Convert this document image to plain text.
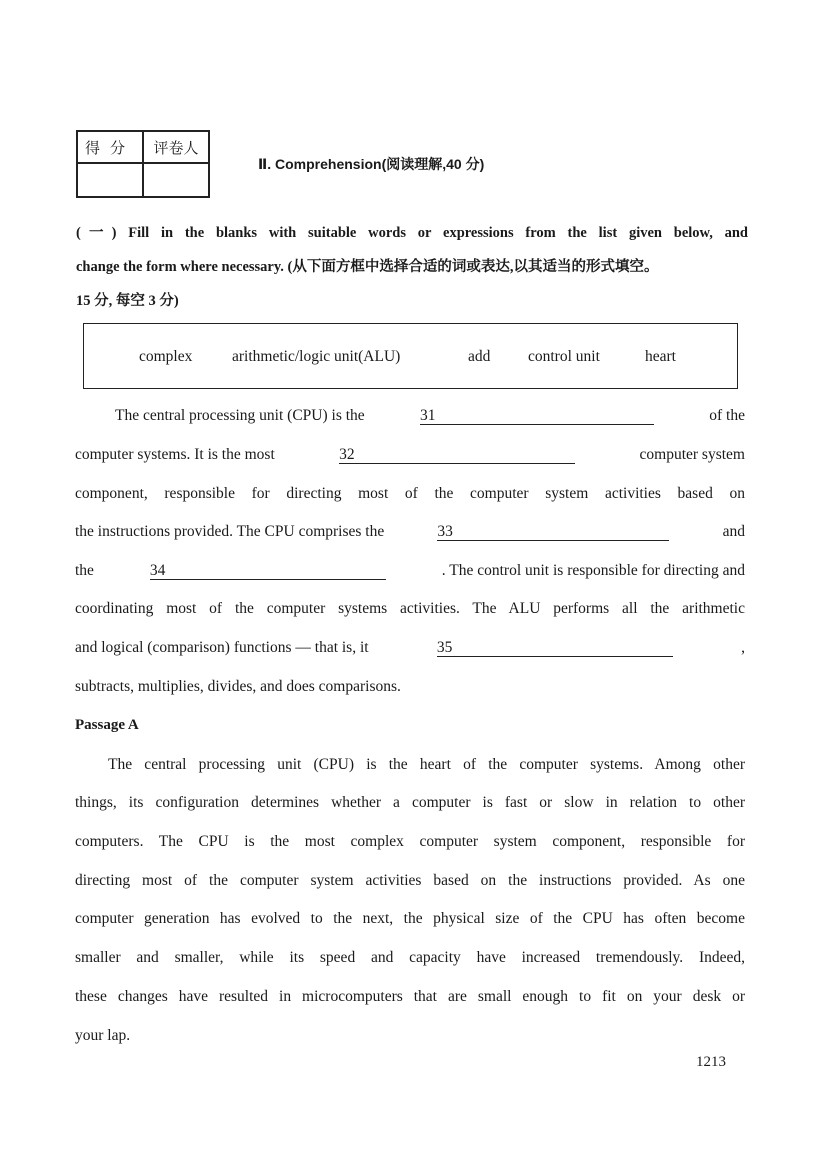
得分	评卷人

Ⅱ. Comprehension(阅读理解,40 分)
(一) Fill in the blanks with suitable words or expressions from the list given below, and
change the form where necessary. (从下面方框中选择合适的词或表达,以其适当的形式填空。
15 分, 每空 3 分)
complex	arithmetic/logic unit(ALU)	add control unit	heart
The central processing unit (CPU) is the	31	of the
computer systems. It is the most	32	computer system
component, responsible for directing most of the computer system activities based on
the instructions provided. The CPU comprises the	33	and
the	34	. The control unit is responsible for directing and
coordinating most of the computer systems activities. The ALU performs all the arithmetic
and logical (comparison) functions — that is, it	35	,
subtracts, multiplies, divides, and does comparisons.
Passage A
The central processing unit (CPU) is the heart of the computer systems. Among other
things, its configuration determines whether a computer is fast or slow in relation to other
computers. The CPU is the most complex computer system component, responsible for
directing most of the computer system activities based on the instructions provided. As one
computer generation has evolved to the next, the physical size of the CPU has often become
smaller and smaller, while its speed and capacity have increased tremendously. Indeed,
these changes have resulted in microcomputers that are small enough to fit on your desk or
your lap.
1213
